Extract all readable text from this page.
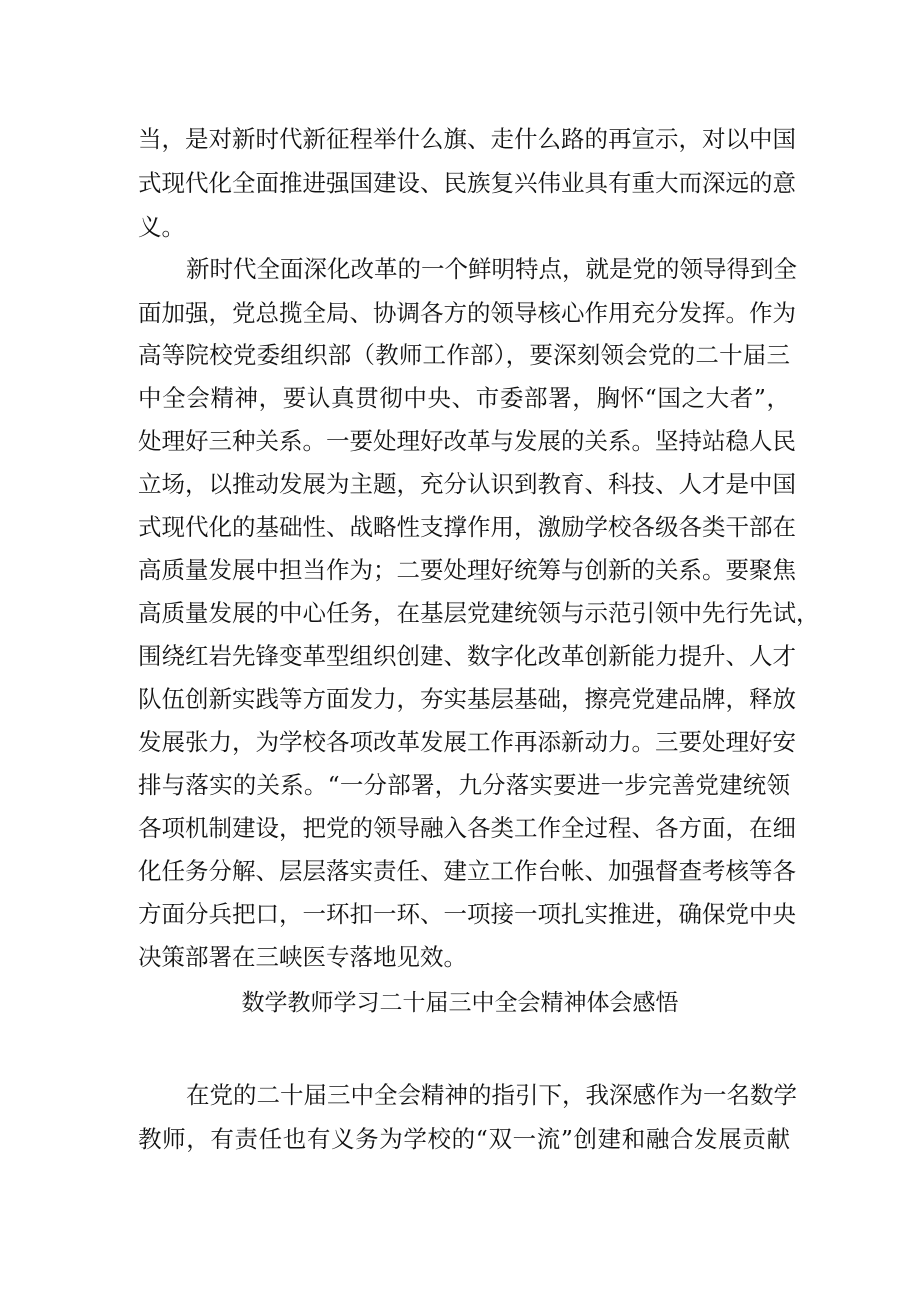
当，是对新时代新征程举什么旗、走什么路的再宣示，对以中国
式现代化全面推进强国建设、民族复兴伟业具有重大而深远的意
义。
新时代全面深化改革的一个鲜明特点，就是党的领导得到全
面加强，党总揽全局、协调各方的领导核心作用充分发挥。作为
高等院校党委组织部（教师工作部），要深刻领会党的二十届三
中全会精神，要认真贯彻中央、市委部署，胸怀“国之大者”，
处理好三种关系。一要处理好改革与发展的关系。坚持站稳人民
立场，以推动发展为主题，充分认识到教育、科技、人才是中国
式现代化的基础性、战略性支撑作用，激励学校各级各类干部在
高质量发展中担当作为；二要处理好统筹与创新的关系。要聚焦
高质量发展的中心任务，在基层党建统领与示范引领中先行先试，
围绕红岩先锋变革型组织创建、数字化改革创新能力提升、人才
队伍创新实践等方面发力，夯实基层基础，擦亮党建品牌，释放
发展张力，为学校各项改革发展工作再添新动力。三要处理好安
排与落实的关系。“一分部署，九分落实要进一步完善党建统领
各项机制建设，把党的领导融入各类工作全过程、各方面，在细
化任务分解、层层落实责任、建立工作台帐、加强督查考核等各
方面分兵把口，一环扣一环、一项接一项扎实推进，确保党中央
决策部署在三峡医专落地见效。
数学教师学习二十届三中全会精神体会感悟
在党的二十届三中全会精神的指引下，我深感作为一名数学
教师，有责任也有义务为学校的“双一流”创建和融合发展贡献
